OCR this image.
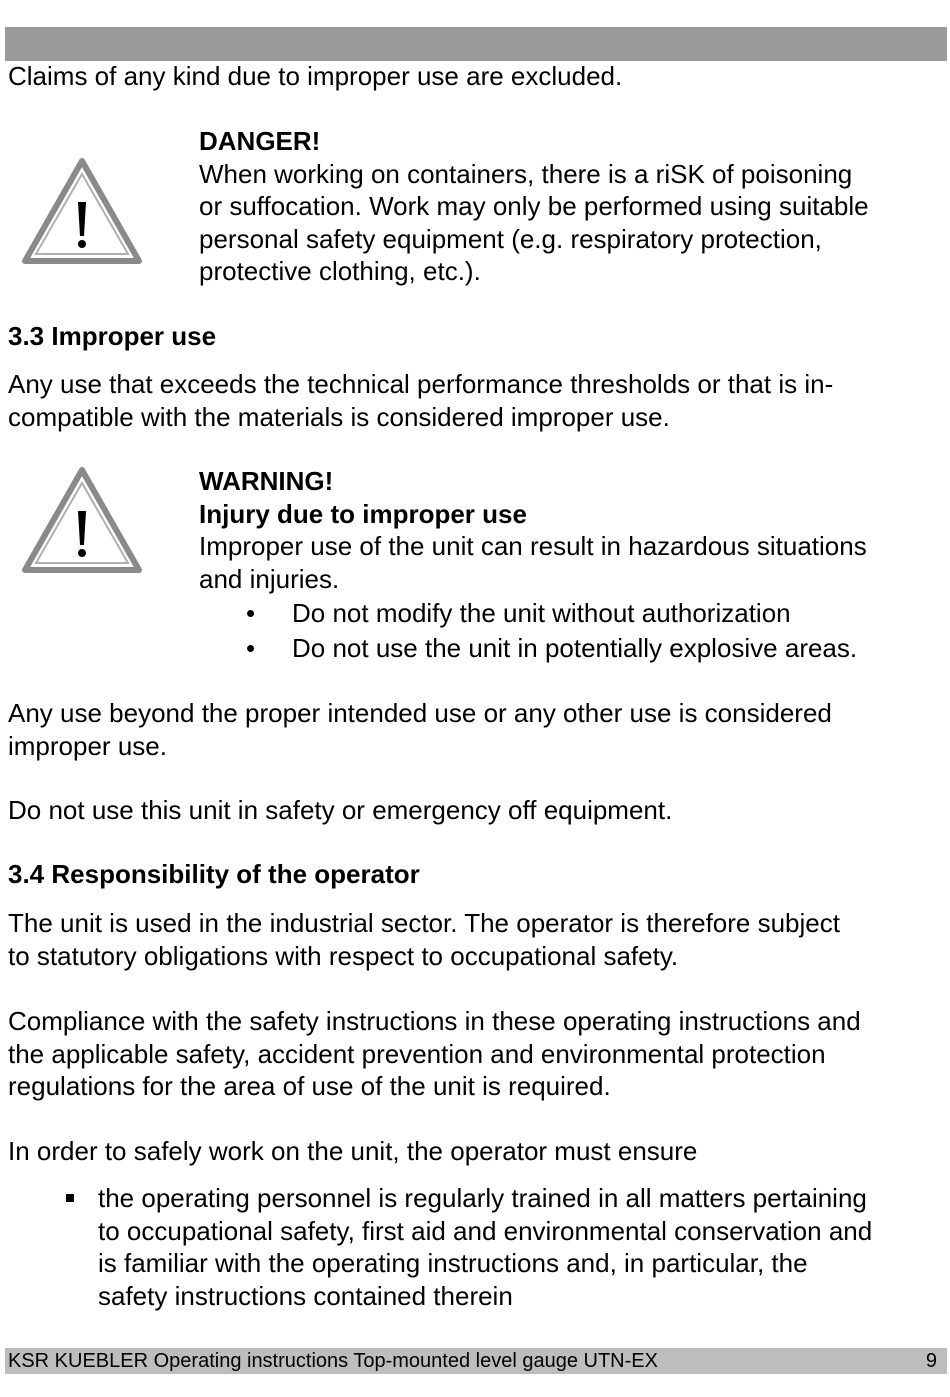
Claims of any kind due to improper use are excluded.

DANGER!
When working on containers, there is a riSK of poisoning
or suffocation. Work may only be performed using suitable
personal safety equipment (e.g. respiratory protection,
protective clothing, etc.).
3.3 Improper use
Any use that exceeds the technical performance thresholds or that is in-
compatible with the materials is considered improper use.
WARNING!
Injury due to improper use
Improper use of the unit can result in hazardous situations
and injuries.
• Do not modify the unit without authorization
• Do not use the unit in potentially explosive areas.
Any use beyond the proper intended use or any other use is considered
improper use.

Do not use this unit in safety or emergency off equipment.

3.4 Responsibility of the operator
The unit is used in the industrial sector. The operator is therefore subject
to statutory obligations with respect to occupational safety.
Compliance with the safety instructions in these operating instructions and
the applicable safety, accident prevention and environmental protection
regulations for the area of use of the unit is required.

In order to safely work on the unit, the operator must ensure

the operating personnel is regularly trained in all matters pertaining
to occupational safety, first aid and environmental conservation and
is familiar with the operating instructions and, in particular, the
safety instructions contained therein
KSR KUEBLER Operating instructions Top-mounted level gauge UTN-EX	9
